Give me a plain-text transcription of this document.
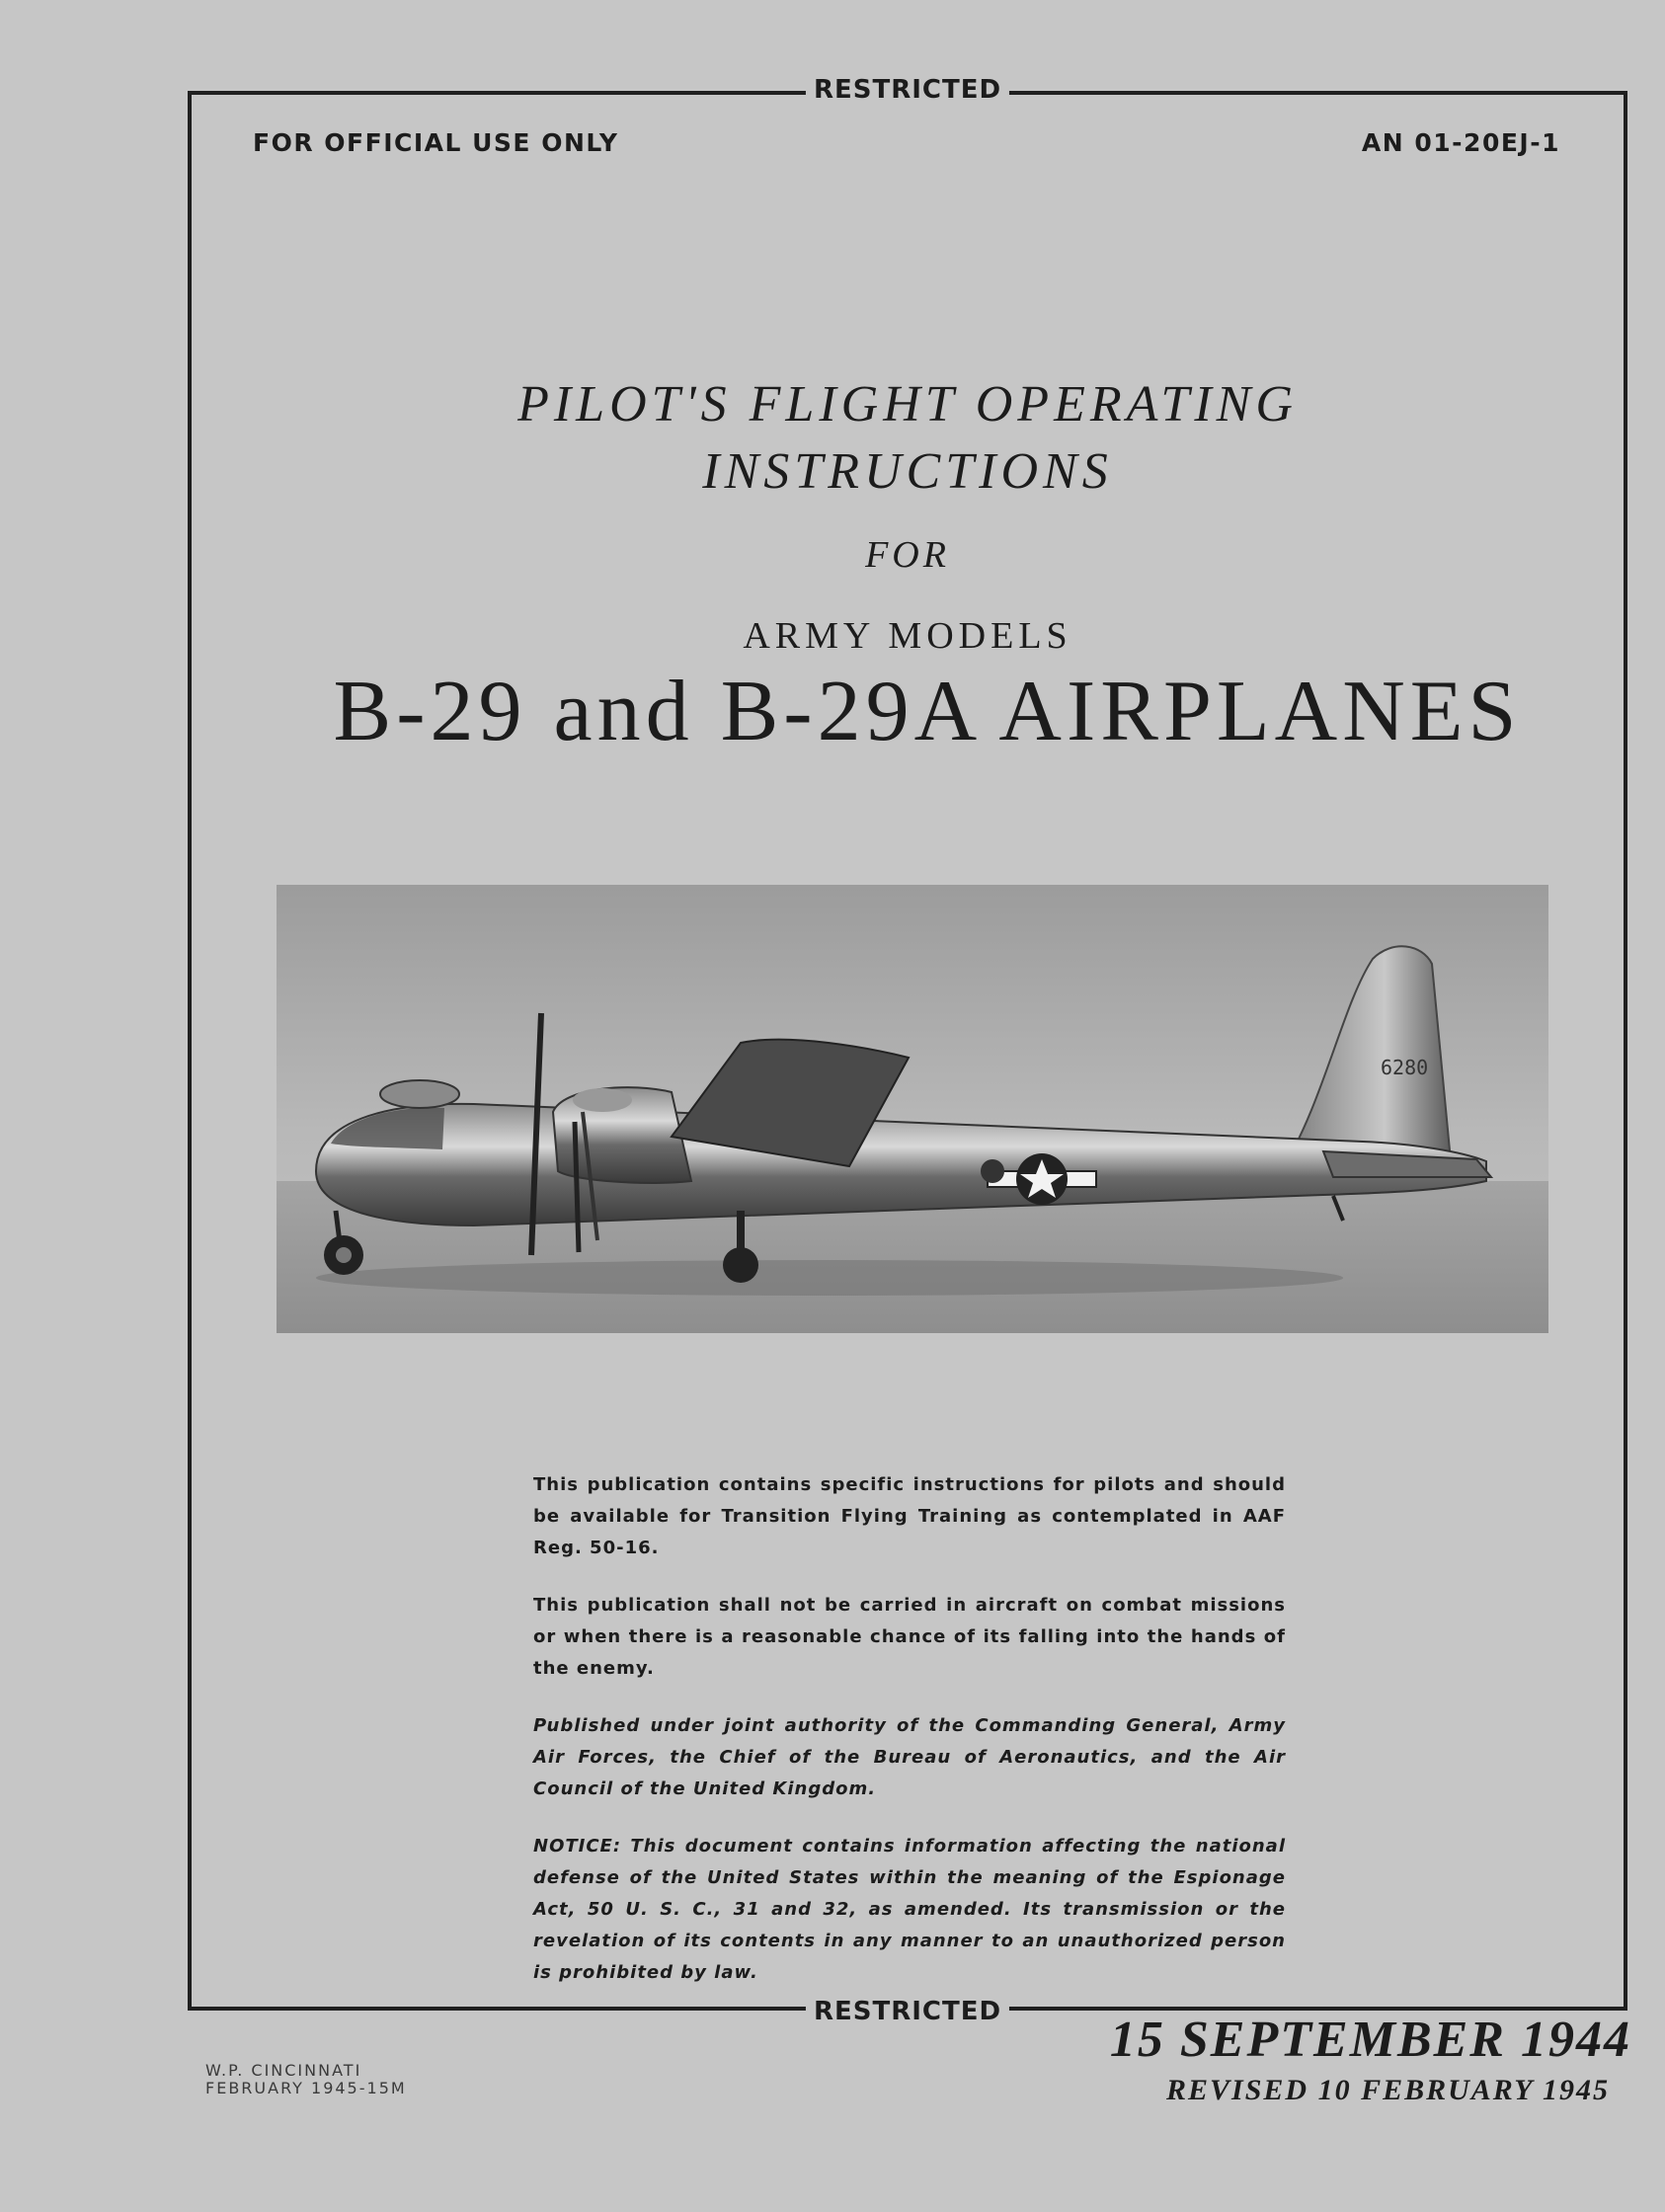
RESTRICTED
RESTRICTED
FOR OFFICIAL USE ONLY	AN 01-20EJ-1
PILOT'S FLIGHT OPERATING
INSTRUCTIONS
FOR
ARMY MODELS
B-29 and B-29A AIRPLANES
6280

This publication contains specific instructions for pilots and should be available for Transition Flying Training as contemplated in AAF Reg. 50-16.

This publication shall not be carried in aircraft on combat missions or when there is a reasonable chance of its falling into the hands of the enemy.

Published under joint authority of the Commanding General, Army Air Forces, the Chief of the Bureau of Aeronautics, and the Air Council of the United Kingdom.

NOTICE: This document contains information affecting the national defense of the United States within the meaning of the Espionage Act, 50 U. S. C., 31 and 32, as amended. Its transmission or the revelation of its contents in any manner to an unauthorized person is prohibited by law.

W.P. CINCINNATI
FEBRUARY 1945-15M
15 SEPTEMBER 1944
REVISED 10 FEBRUARY 1945
